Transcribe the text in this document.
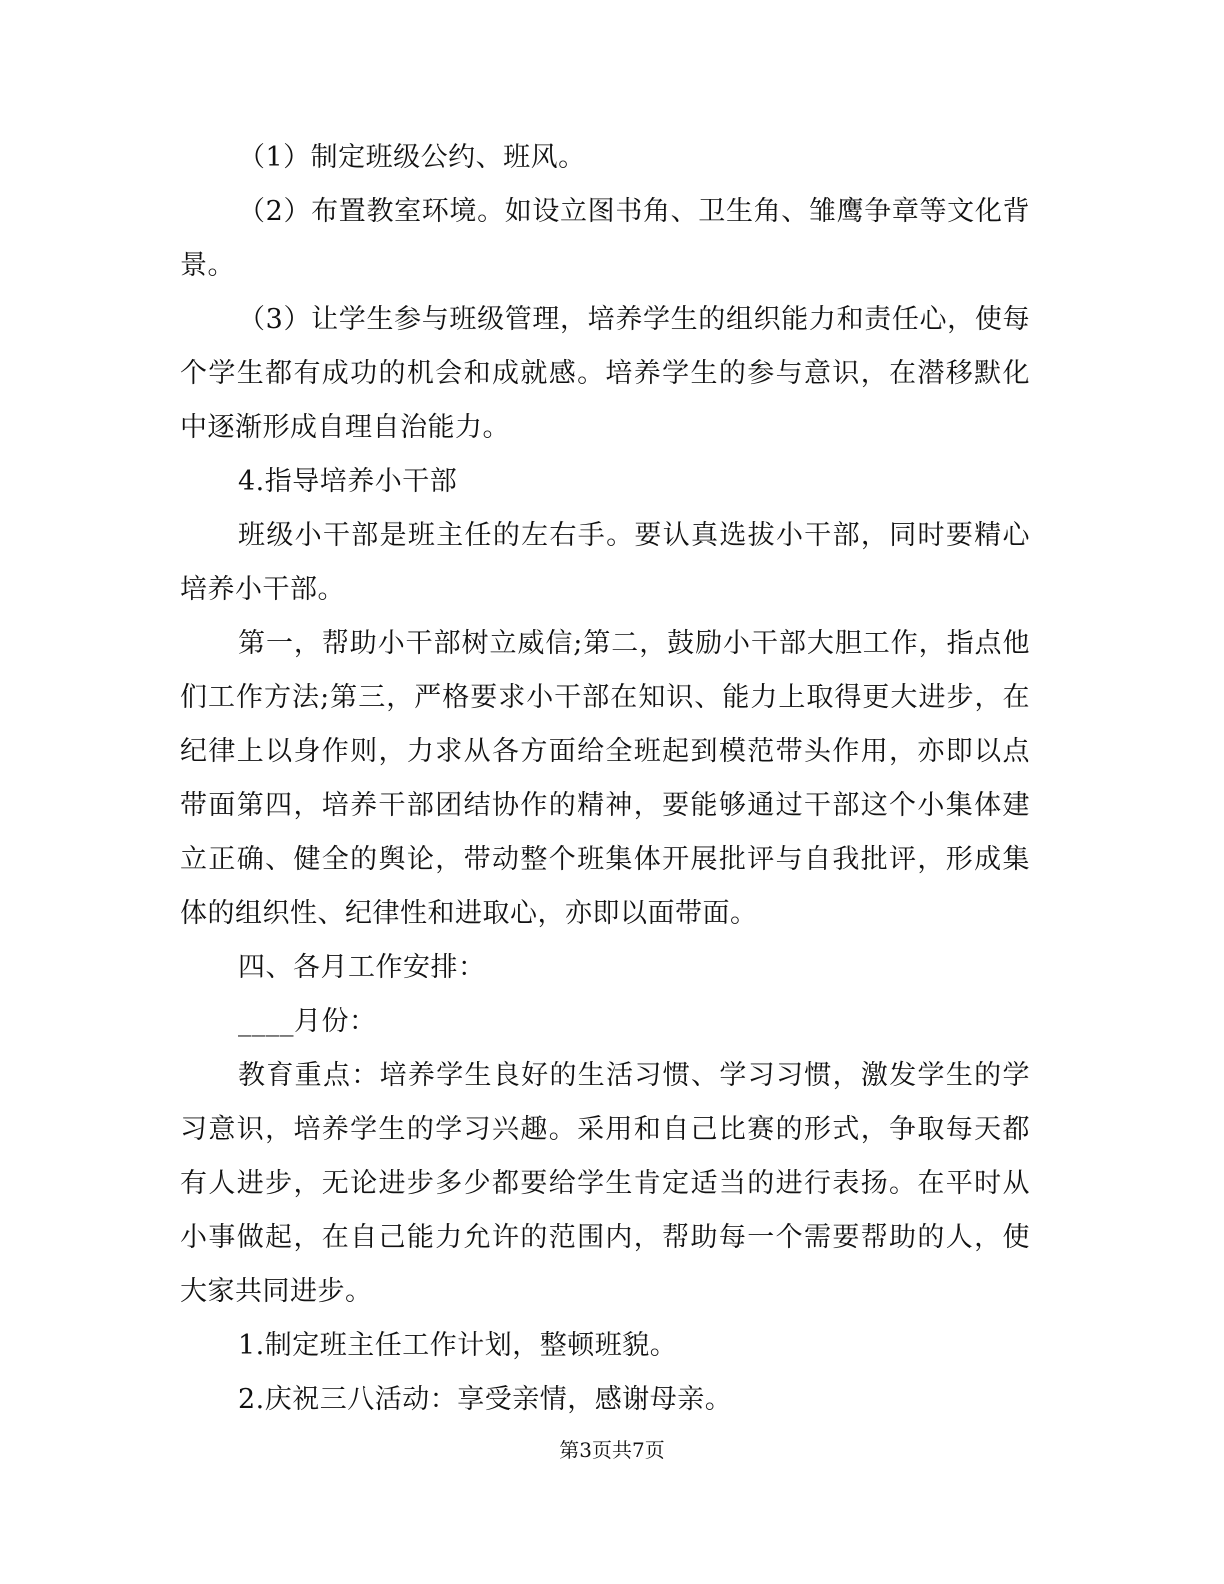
（1）制定班级公约、班风。

（2）布置教室环境。如设立图书角、卫生角、雏鹰争章等文化背景。

（3）让学生参与班级管理，培养学生的组织能力和责任心，使每个学生都有成功的机会和成就感。培养学生的参与意识，在潜移默化中逐渐形成自理自治能力。

4.指导培养小干部

班级小干部是班主任的左右手。要认真选拔小干部，同时要精心培养小干部。

第一，帮助小干部树立威信;第二，鼓励小干部大胆工作，指点他们工作方法;第三，严格要求小干部在知识、能力上取得更大进步，在纪律上以身作则，力求从各方面给全班起到模范带头作用，亦即以点带面第四，培养干部团结协作的精神，要能够通过干部这个小集体建立正确、健全的舆论，带动整个班集体开展批评与自我批评，形成集体的组织性、纪律性和进取心，亦即以面带面。

四、各月工作安排：

____月份：

教育重点：培养学生良好的生活习惯、学习习惯，激发学生的学习意识，培养学生的学习兴趣。采用和自己比赛的形式，争取每天都有人进步，无论进步多少都要给学生肯定适当的进行表扬。在平时从小事做起，在自己能力允许的范围内，帮助每一个需要帮助的人，使大家共同进步。

1.制定班主任工作计划，整顿班貌。

2.庆祝三八活动：享受亲情，感谢母亲。

第3页共7页
